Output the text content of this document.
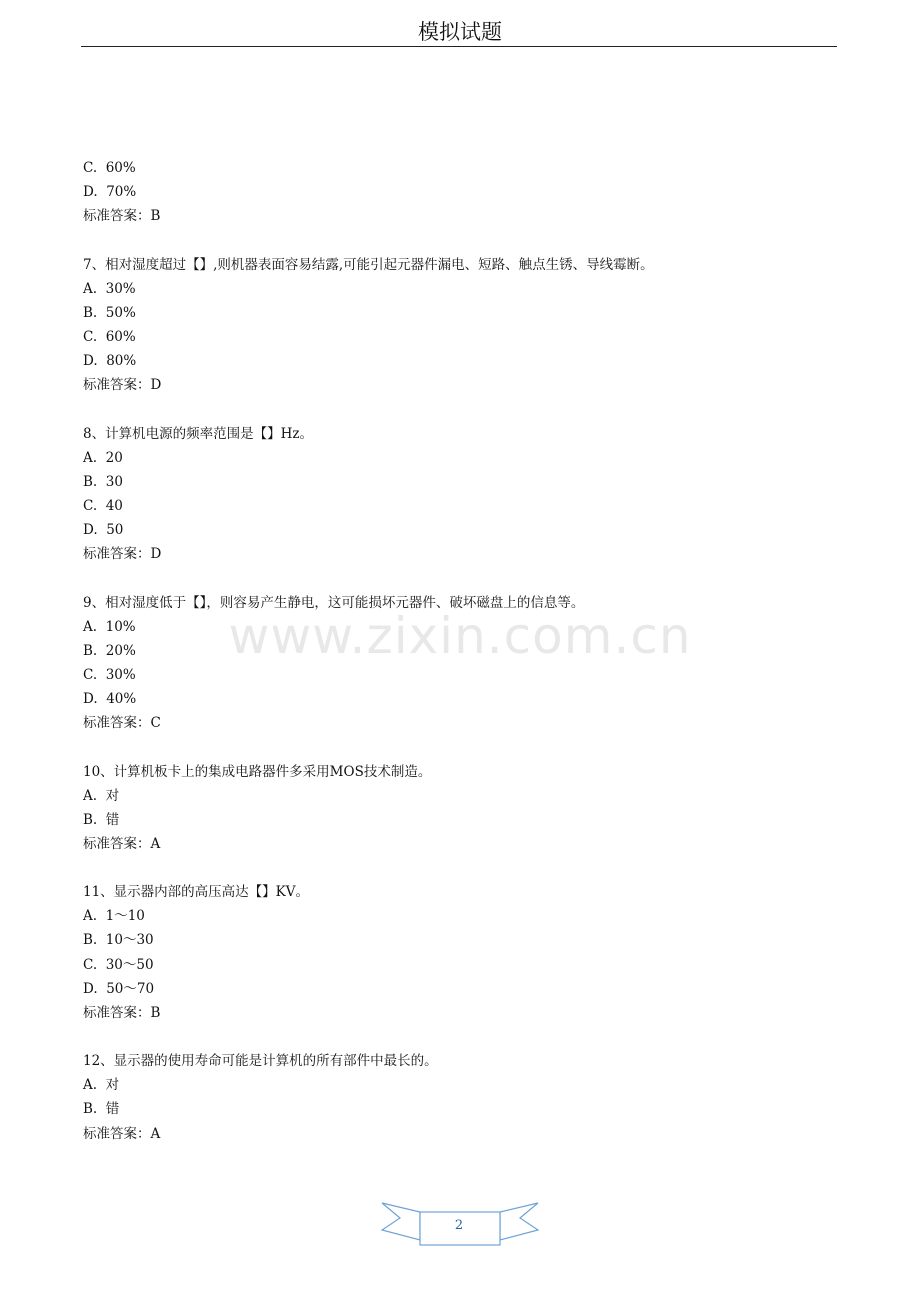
模拟试题
C.  60%
D.  70%
标准答案：B
7、相对湿度超过【】,则机器表面容易结露,可能引起元器件漏电、短路、触点生锈、导线霉断。
A.  30%
B.  50%
C.  60%
D.  80%
标准答案：D
8、计算机电源的频率范围是【】Hz。
A.  20
B.  30
C.  40
D.  50
标准答案：D
9、相对湿度低于【】，则容易产生静电，这可能损坏元器件、破坏磁盘上的信息等。
A.  10%
B.  20%
C.  30%
D.  40%
标准答案：C
10、计算机板卡上的集成电路器件多采用MOS技术制造。
A.  对
B.  错
标准答案：A
11、显示器内部的高压高达【】KV。
A.  1～10
B.  10～30
C.  30～50
D.  50～70
标准答案：B
12、显示器的使用寿命可能是计算机的所有部件中最长的。
A.  对
B.  错
标准答案：A
www.zixin.com.cn
2
